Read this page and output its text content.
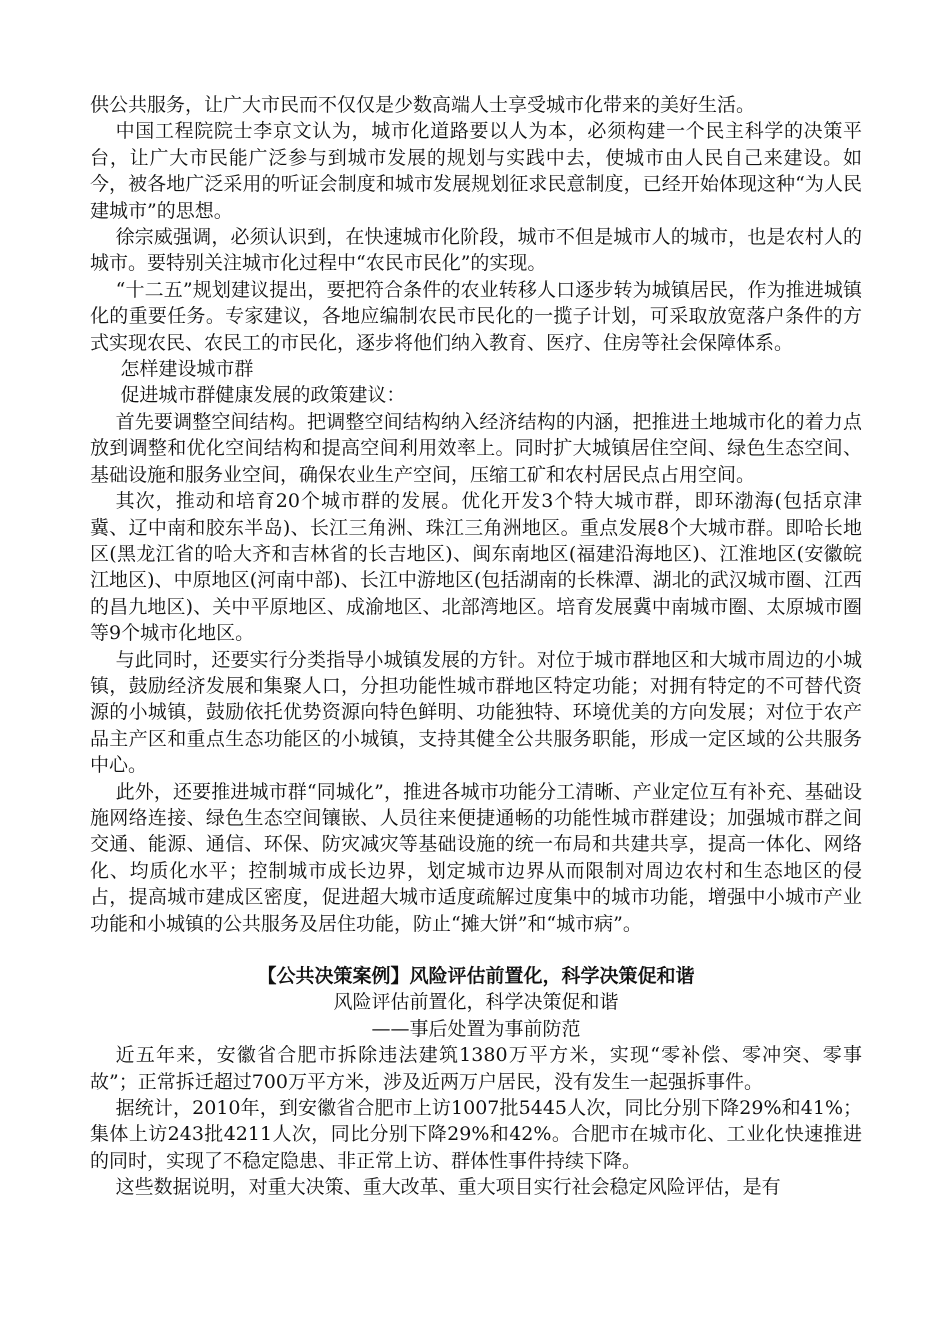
供公共服务，让广大市民而不仅仅是少数高端人士享受城市化带来的美好生活。

中国工程院院士李京文认为，城市化道路要以人为本，必须构建一个民主科学的决策平台，让广大市民能广泛参与到城市发展的规划与实践中去，使城市由人民自己来建设。如今，被各地广泛采用的听证会制度和城市发展规划征求民意制度，已经开始体现这种“为人民建城市”的思想。

徐宗威强调，必须认识到，在快速城市化阶段，城市不但是城市人的城市，也是农村人的城市。要特别关注城市化过程中“农民市民化”的实现。

“十二五”规划建议提出，要把符合条件的农业转移人口逐步转为城镇居民，作为推进城镇化的重要任务。专家建议，各地应编制农民市民化的一揽子计划，可采取放宽落户条件的方式实现农民、农民工的市民化，逐步将他们纳入教育、医疗、住房等社会保障体系。

怎样建设城市群

促进城市群健康发展的政策建议：

首先要调整空间结构。把调整空间结构纳入经济结构的内涵，把推进土地城市化的着力点放到调整和优化空间结构和提高空间利用效率上。同时扩大城镇居住空间、绿色生态空间、基础设施和服务业空间，确保农业生产空间，压缩工矿和农村居民点占用空间。

其次，推动和培育20个城市群的发展。优化开发3个特大城市群，即环渤海(包括京津冀、辽中南和胶东半岛)、长江三角洲、珠江三角洲地区。重点发展8个大城市群。即哈长地区(黑龙江省的哈大齐和吉林省的长吉地区)、闽东南地区(福建沿海地区)、江淮地区(安徽皖江地区)、中原地区(河南中部)、长江中游地区(包括湖南的长株潭、湖北的武汉城市圈、江西的昌九地区)、关中平原地区、成渝地区、北部湾地区。培育发展冀中南城市圈、太原城市圈等9个城市化地区。

与此同时，还要实行分类指导小城镇发展的方针。对位于城市群地区和大城市周边的小城镇，鼓励经济发展和集聚人口，分担功能性城市群地区特定功能；对拥有特定的不可替代资源的小城镇，鼓励依托优势资源向特色鲜明、功能独特、环境优美的方向发展；对位于农产品主产区和重点生态功能区的小城镇，支持其健全公共服务职能，形成一定区域的公共服务中心。

此外，还要推进城市群“同城化”，推进各城市功能分工清晰、产业定位互有补充、基础设施网络连接、绿色生态空间镶嵌、人员往来便捷通畅的功能性城市群建设；加强城市群之间交通、能源、通信、环保、防灾减灾等基础设施的统一布局和共建共享，提高一体化、网络化、均质化水平；控制城市成长边界，划定城市边界从而限制对周边农村和生态地区的侵占，提高城市建成区密度，促进超大城市适度疏解过度集中的城市功能，增强中小城市产业功能和小城镇的公共服务及居住功能，防止“摊大饼”和“城市病”。

【公共决策案例】风险评估前置化，科学决策促和谐

风险评估前置化，科学决策促和谐

——事后处置为事前防范

近五年来，安徽省合肥市拆除违法建筑1380万平方米，实现“零补偿、零冲突、零事故”；正常拆迁超过700万平方米，涉及近两万户居民，没有发生一起强拆事件。

据统计，2010年，到安徽省合肥市上访1007批5445人次，同比分别下降29%和41%；集体上访243批4211人次，同比分别下降29%和42%。合肥市在城市化、工业化快速推进的同时，实现了不稳定隐患、非正常上访、群体性事件持续下降。

这些数据说明，对重大决策、重大改革、重大项目实行社会稳定风险评估，是有
